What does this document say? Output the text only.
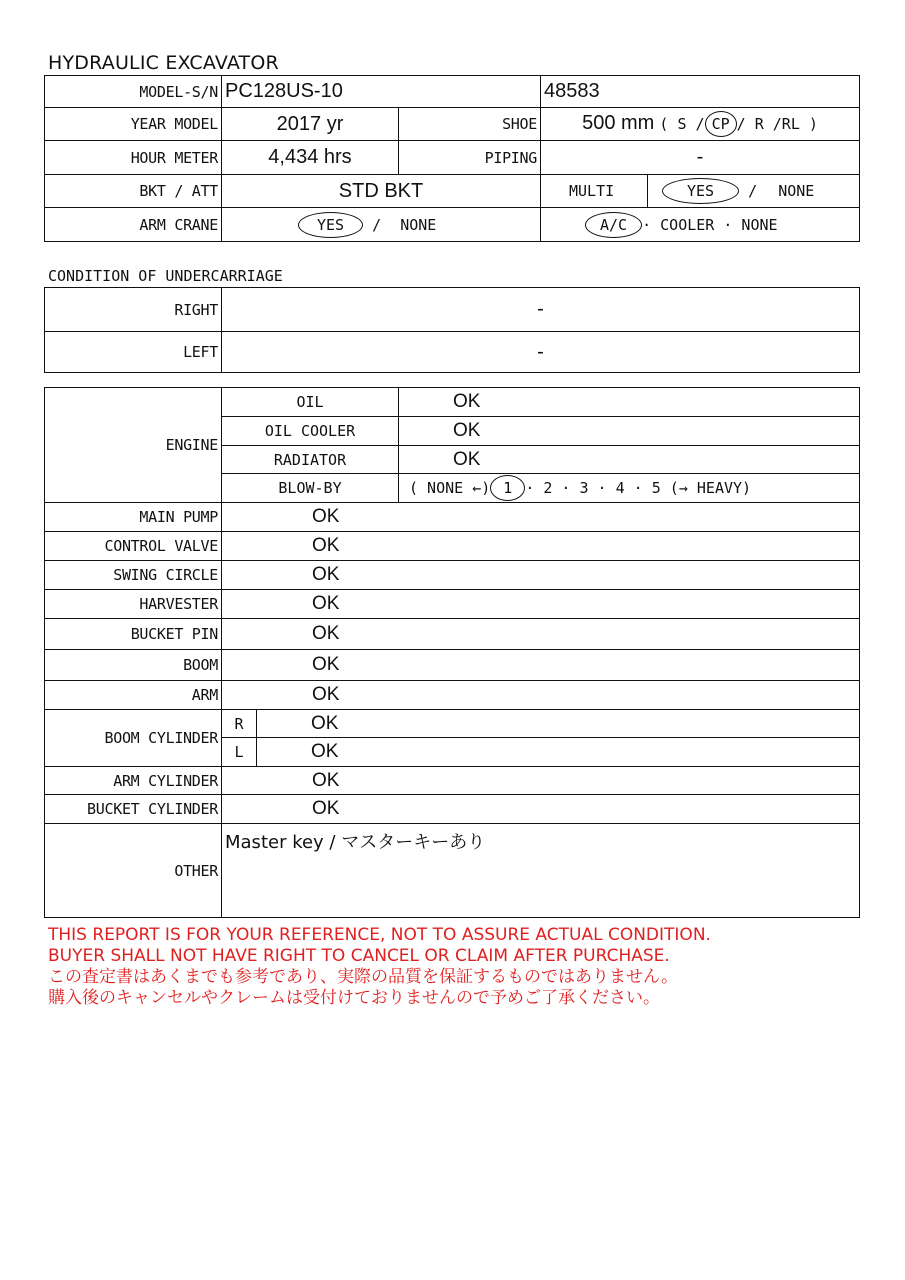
HYDRAULIC EXCAVATOR
MODEL-S/N	PC128US-10		48583	
YEAR MODEL	2017 yr	SHOE	500 mm ( S / CP / R /RL )	
HOUR METER	4,434 hrs	PIPING	-	
BKT / ATT	STD BKT		MULTI	YES / NONE
ARM CRANE	YES / NONE		A/C · COOLER · NONE	
CONDITION OF UNDERCARRIAGE
RIGHT	-
LEFT	-
ENGINE	OIL		OK
	OIL COOLER		OK
	RADIATOR		OK
	BLOW-BY		( NONE ←) 1 · 2 · 3 · 4 · 5 (→ HEAVY)
MAIN PUMP	OK		
CONTROL VALVE	OK		
SWING CIRCLE	OK		
HARVESTER	OK		
BUCKET PIN	OK		
BOOM	OK		
ARM	OK		
BOOM CYLINDER	R	OK	
	L	OK	
ARM CYLINDER	OK		
BUCKET CYLINDER	OK		
OTHER	Master key / マスターキーあり		
THIS REPORT IS FOR YOUR REFERENCE, NOT TO ASSURE ACTUAL CONDITION.
BUYER SHALL NOT HAVE RIGHT TO CANCEL OR CLAIM AFTER PURCHASE.
この査定書はあくまでも参考であり、実際の品質を保証するものではありません。
購入後のキャンセルやクレームは受付けておりませんので予めご了承ください。
